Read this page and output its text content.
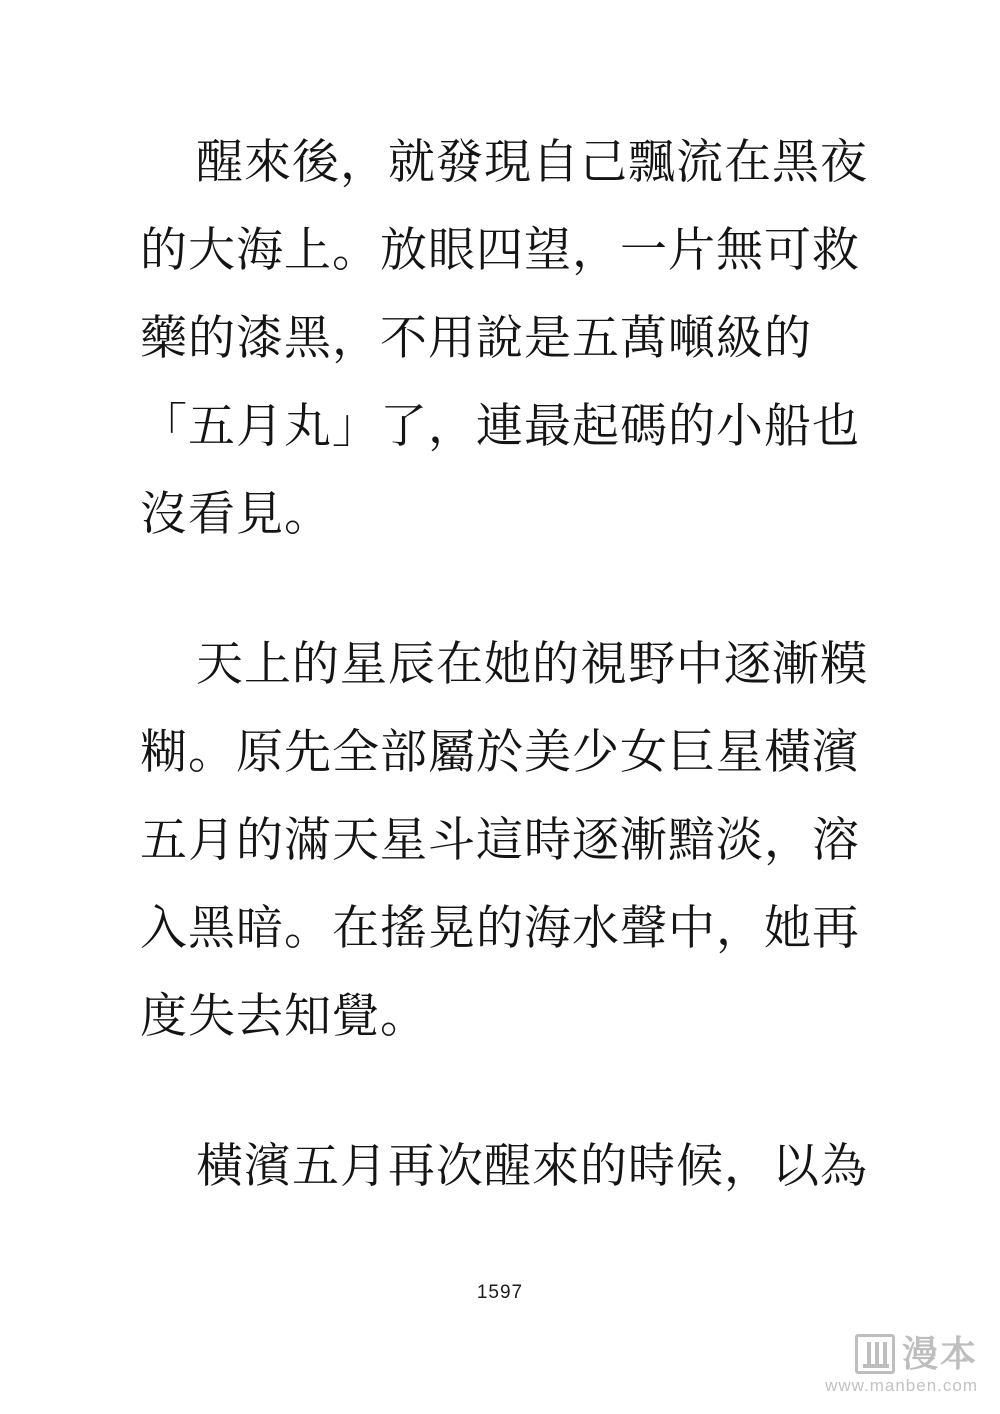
醒來後，就發現自己飄流在黑夜的大海上。放眼四望，一片無可救藥的漆黑，不用說是五萬噸級的「五月丸」了，連最起碼的小船也沒看見。

天上的星辰在她的視野中逐漸糢糊。原先全部屬於美少女巨星橫濱五月的滿天星斗這時逐漸黯淡，溶入黑暗。在搖晃的海水聲中，她再度失去知覺。

橫濱五月再次醒來的時候，以為

1597
漫本
www.manben.com
